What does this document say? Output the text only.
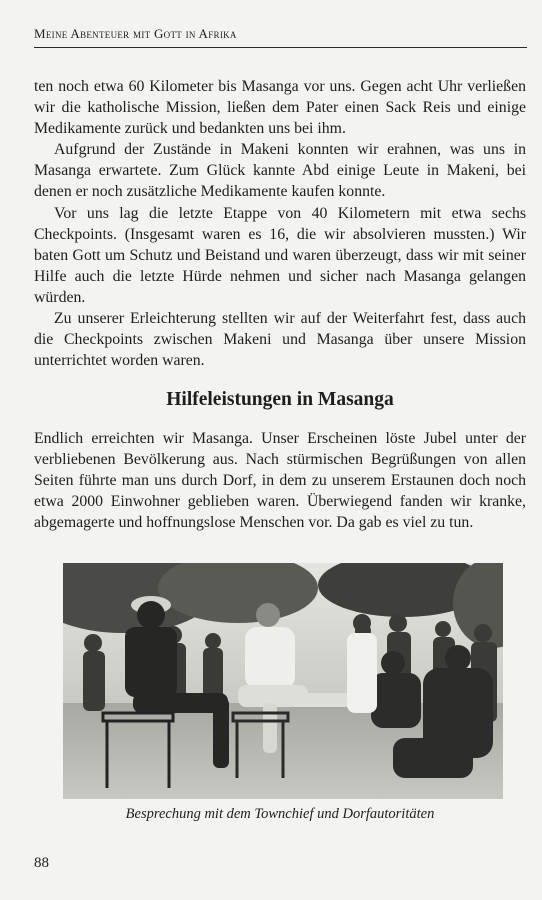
Meine Abenteuer mit Gott in Afrika

ten noch etwa 60 Kilometer bis Masanga vor uns. Gegen acht Uhr verließen wir die katholische Mission, ließen dem Pater einen Sack Reis und einige Medikamente zurück und bedankten uns bei ihm.

Aufgrund der Zustände in Makeni konnten wir erahnen, was uns in Masanga erwartete. Zum Glück kannte Abd einige Leute in Makeni, bei denen er noch zusätzliche Medikamente kaufen konnte.

Vor uns lag die letzte Etappe von 40 Kilometern mit etwa sechs Checkpoints. (Insgesamt waren es 16, die wir absolvieren mussten.) Wir baten Gott um Schutz und Beistand und waren überzeugt, dass wir mit seiner Hilfe auch die letzte Hürde nehmen und sicher nach Masanga gelangen würden.

Zu unserer Erleichterung stellten wir auf der Weiterfahrt fest, dass auch die Checkpoints zwischen Makeni und Masanga über unsere Mission unterrichtet worden waren.

Hilfeleistungen in Masanga

Endlich erreichten wir Masanga. Unser Erscheinen löste Jubel unter der verbliebenen Bevölkerung aus. Nach stürmischen Begrüßungen von allen Seiten führte man uns durch Dorf, in dem zu unserem Erstaunen doch noch etwa 2000 Einwohner geblieben waren. Überwiegend fanden wir kranke, abgemagerte und hoffnungslose Menschen vor. Da gab es viel zu tun.

Besprechung mit dem Townchief und Dorfautoritäten
88
